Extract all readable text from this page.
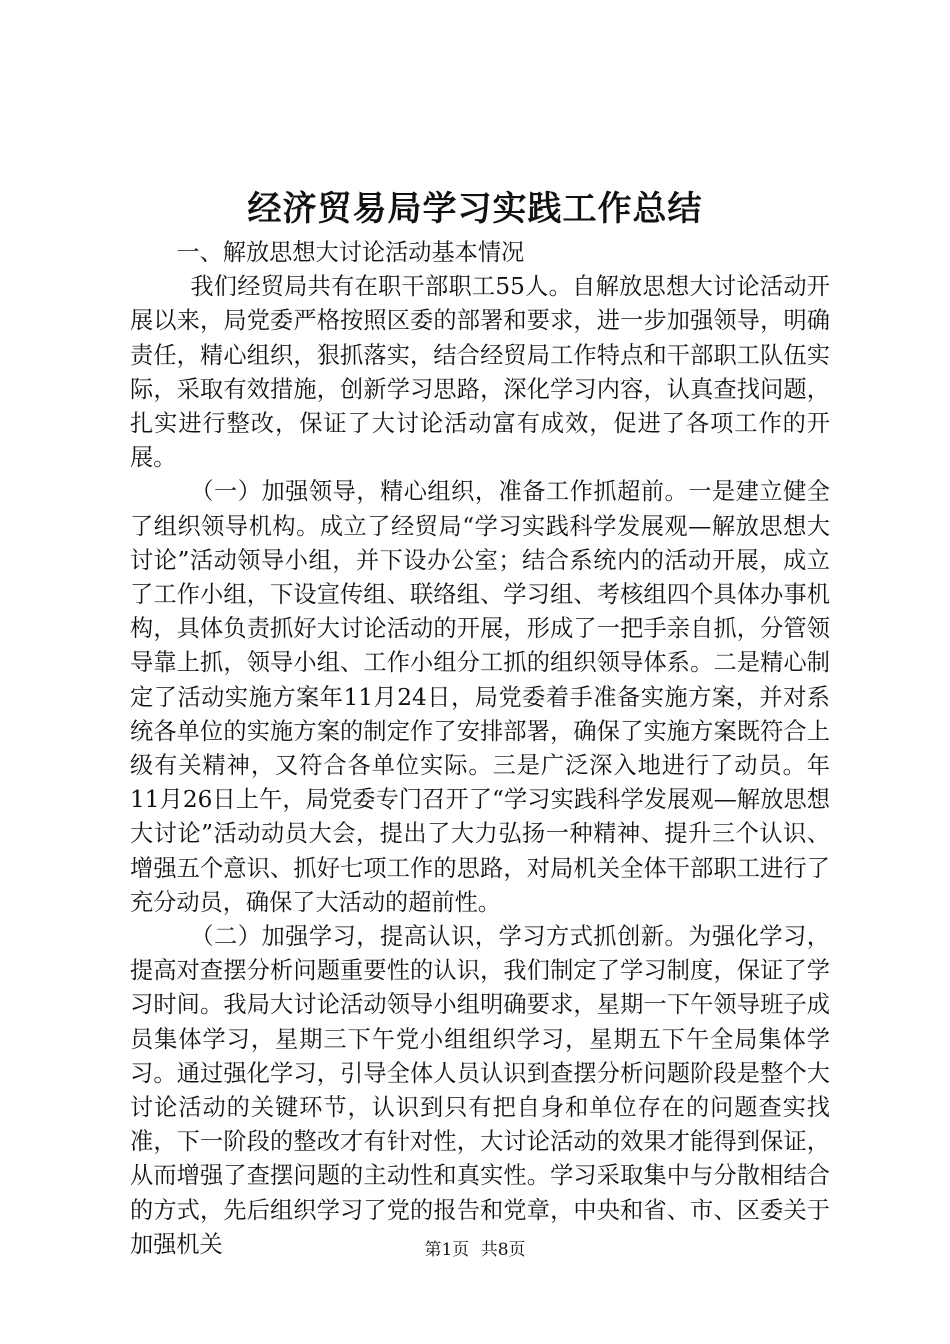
经济贸易局学习实践工作总结

一、解放思想大讨论活动基本情况

我们经贸局共有在职干部职工55人。自解放思想大讨论活动开展以来，局党委严格按照区委的部署和要求，进一步加强领导，明确责任，精心组织，狠抓落实，结合经贸局工作特点和干部职工队伍实际，采取有效措施，创新学习思路，深化学习内容，认真查找问题，扎实进行整改，保证了大讨论活动富有成效，促进了各项工作的开展。

（一）加强领导，精心组织，准备工作抓超前。一是建立健全了组织领导机构。成立了经贸局“学习实践科学发展观—解放思想大讨论”活动领导小组，并下设办公室；结合系统内的活动开展，成立了工作小组，下设宣传组、联络组、学习组、考核组四个具体办事机构，具体负责抓好大讨论活动的开展，形成了一把手亲自抓，分管领导靠上抓，领导小组、工作小组分工抓的组织领导体系。二是精心制定了活动实施方案年11月24日，局党委着手准备实施方案，并对系统各单位的实施方案的制定作了安排部署，确保了实施方案既符合上级有关精神，又符合各单位实际。三是广泛深入地进行了动员。年11月26日上午，局党委专门召开了“学习实践科学发展观—解放思想大讨论”活动动员大会，提出了大力弘扬一种精神、提升三个认识、增强五个意识、抓好七项工作的思路，对局机关全体干部职工进行了充分动员，确保了大活动的超前性。

（二）加强学习，提高认识，学习方式抓创新。为强化学习，提高对查摆分析问题重要性的认识，我们制定了学习制度，保证了学习时间。我局大讨论活动领导小组明确要求，星期一下午领导班子成员集体学习，星期三下午党小组组织学习，星期五下午全局集体学习。通过强化学习，引导全体人员认识到查摆分析问题阶段是整个大讨论活动的关键环节，认识到只有把自身和单位存在的问题查实找准，下一阶段的整改才有针对性，大讨论活动的效果才能得到保证，从而增强了查摆问题的主动性和真实性。学习采取集中与分散相结合的方式，先后组织学习了党的报告和党章，中央和省、市、区委关于加强机关	第1页 共8页
